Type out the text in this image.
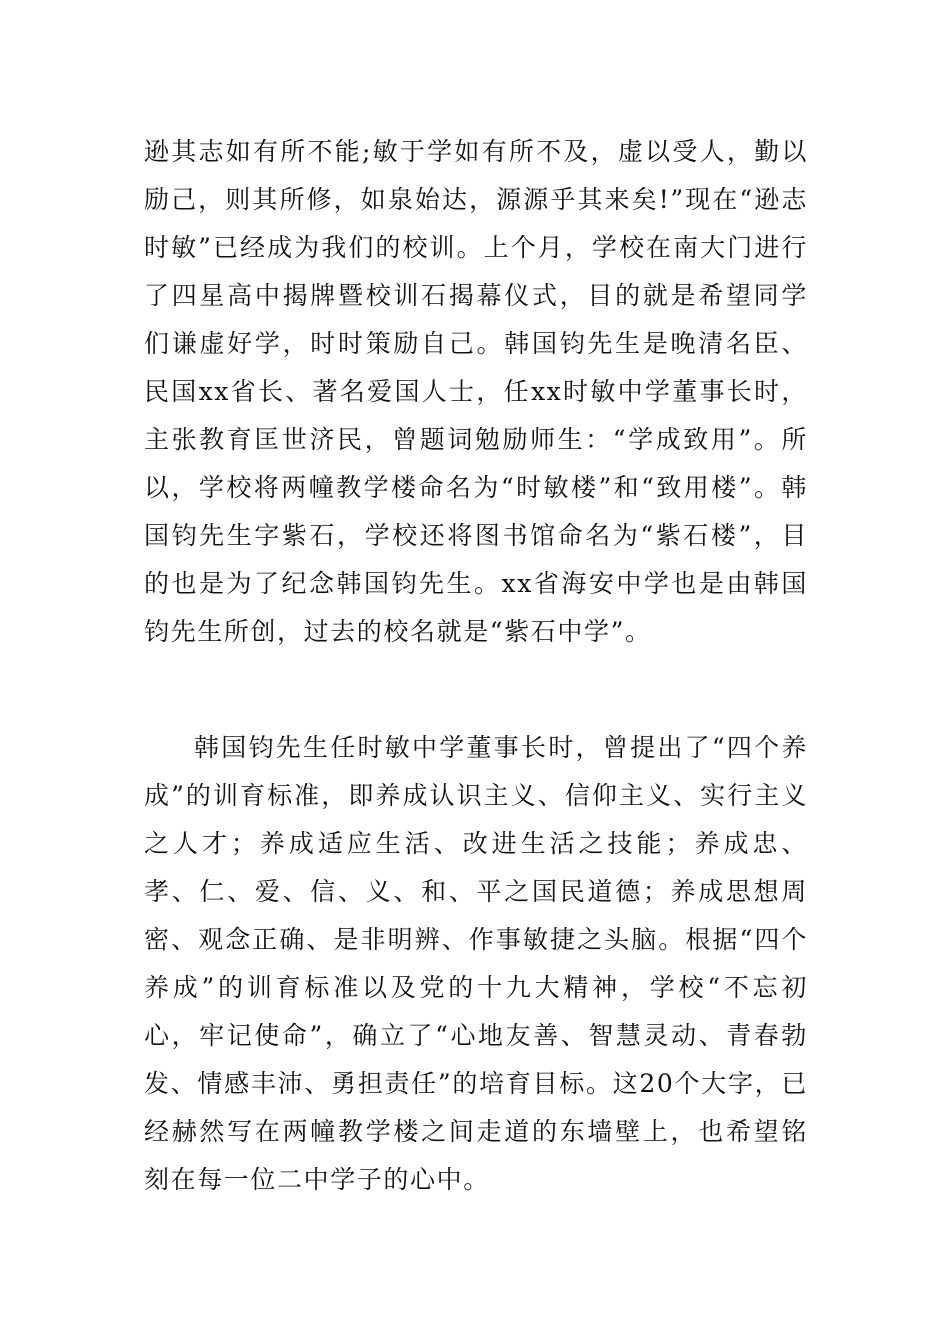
逊其志如有所不能;敏于学如有所不及，虚以受人，勤以励己，则其所修，如泉始达，源源乎其来矣!”现在“逊志时敏”已经成为我们的校训。上个月，学校在南大门进行了四星高中揭牌暨校训石揭幕仪式，目的就是希望同学们谦虚好学，时时策励自己。韩国钧先生是晚清名臣、民国xx省长、著名爱国人士，任xx时敏中学董事长时，主张教育匡世济民，曾题词勉励师生：“学成致用”。所以，学校将两幢教学楼命名为“时敏楼”和“致用楼”。韩国钧先生字紫石，学校还将图书馆命名为“紫石楼”，目的也是为了纪念韩国钧先生。xx省海安中学也是由韩国钧先生所创，过去的校名就是“紫石中学”。

韩国钧先生任时敏中学董事长时，曾提出了“四个养成”的训育标准，即养成认识主义、信仰主义、实行主义之人才；养成适应生活、改进生活之技能；养成忠、孝、仁、爱、信、义、和、平之国民道德；养成思想周密、观念正确、是非明辨、作事敏捷之头脑。根据“四个养成”的训育标准以及党的十九大精神，学校“不忘初心，牢记使命”，确立了“心地友善、智慧灵动、青春勃发、情感丰沛、勇担责任”的培育目标。这20个大字，已经赫然写在两幢教学楼之间走道的东墙壁上，也希望铭刻在每一位二中学子的心中。
